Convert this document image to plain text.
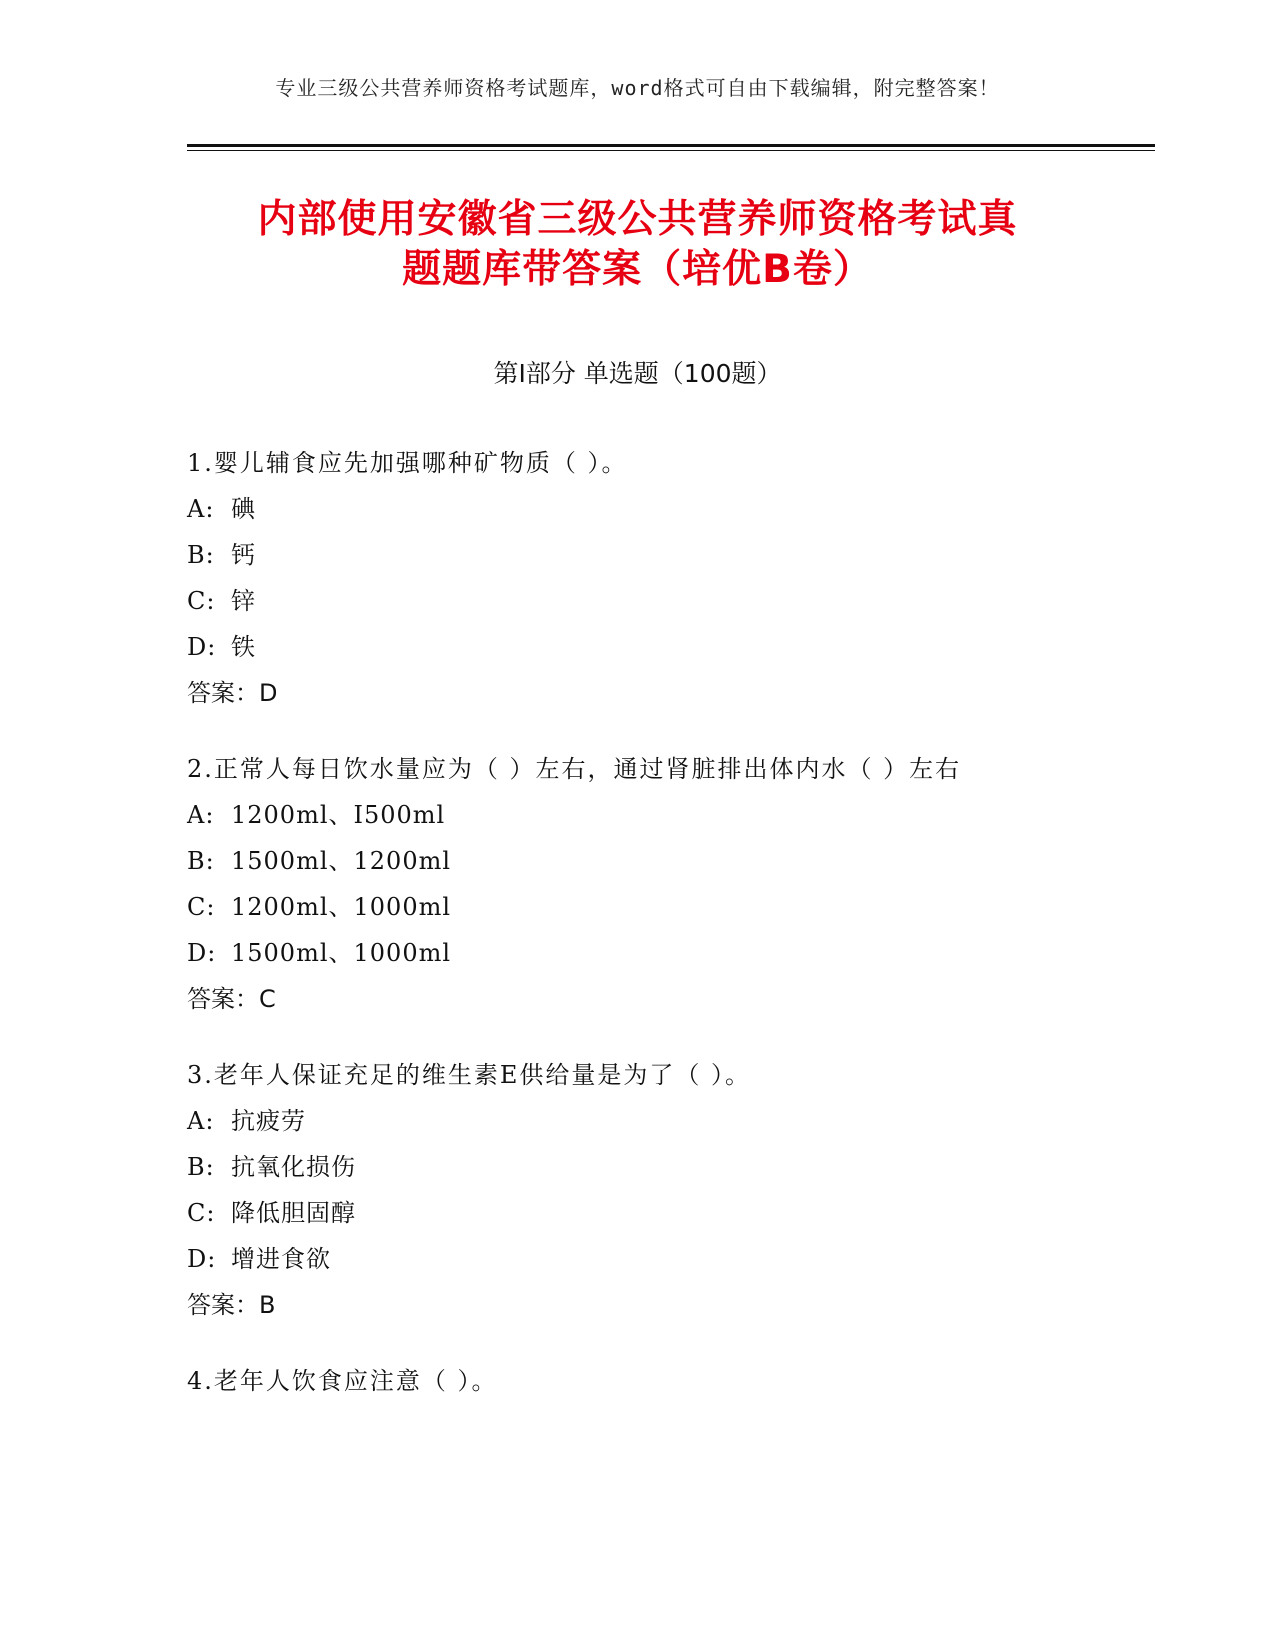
专业三级公共营养师资格考试题库，word格式可自由下载编辑，附完整答案！
内部使用安徽省三级公共营养师资格考试真
题题库带答案（培优B卷）
第Ⅰ部分 单选题（100题）

1.婴儿辅食应先加强哪种矿物质（ ）。

A: 碘

B: 钙

C: 锌

D: 铁

答案：D

2.正常人每日饮水量应为（ ）左右，通过肾脏排出体内水（ ）左右

A: 1200ml、I500ml

B: 1500ml、1200ml

C: 1200ml、1000ml

D: 1500ml、1000ml

答案：C

3.老年人保证充足的维生素E供给量是为了（ ）。

A: 抗疲劳

B: 抗氧化损伤

C: 降低胆固醇

D: 增进食欲

答案：B

4.老年人饮食应注意（ ）。
